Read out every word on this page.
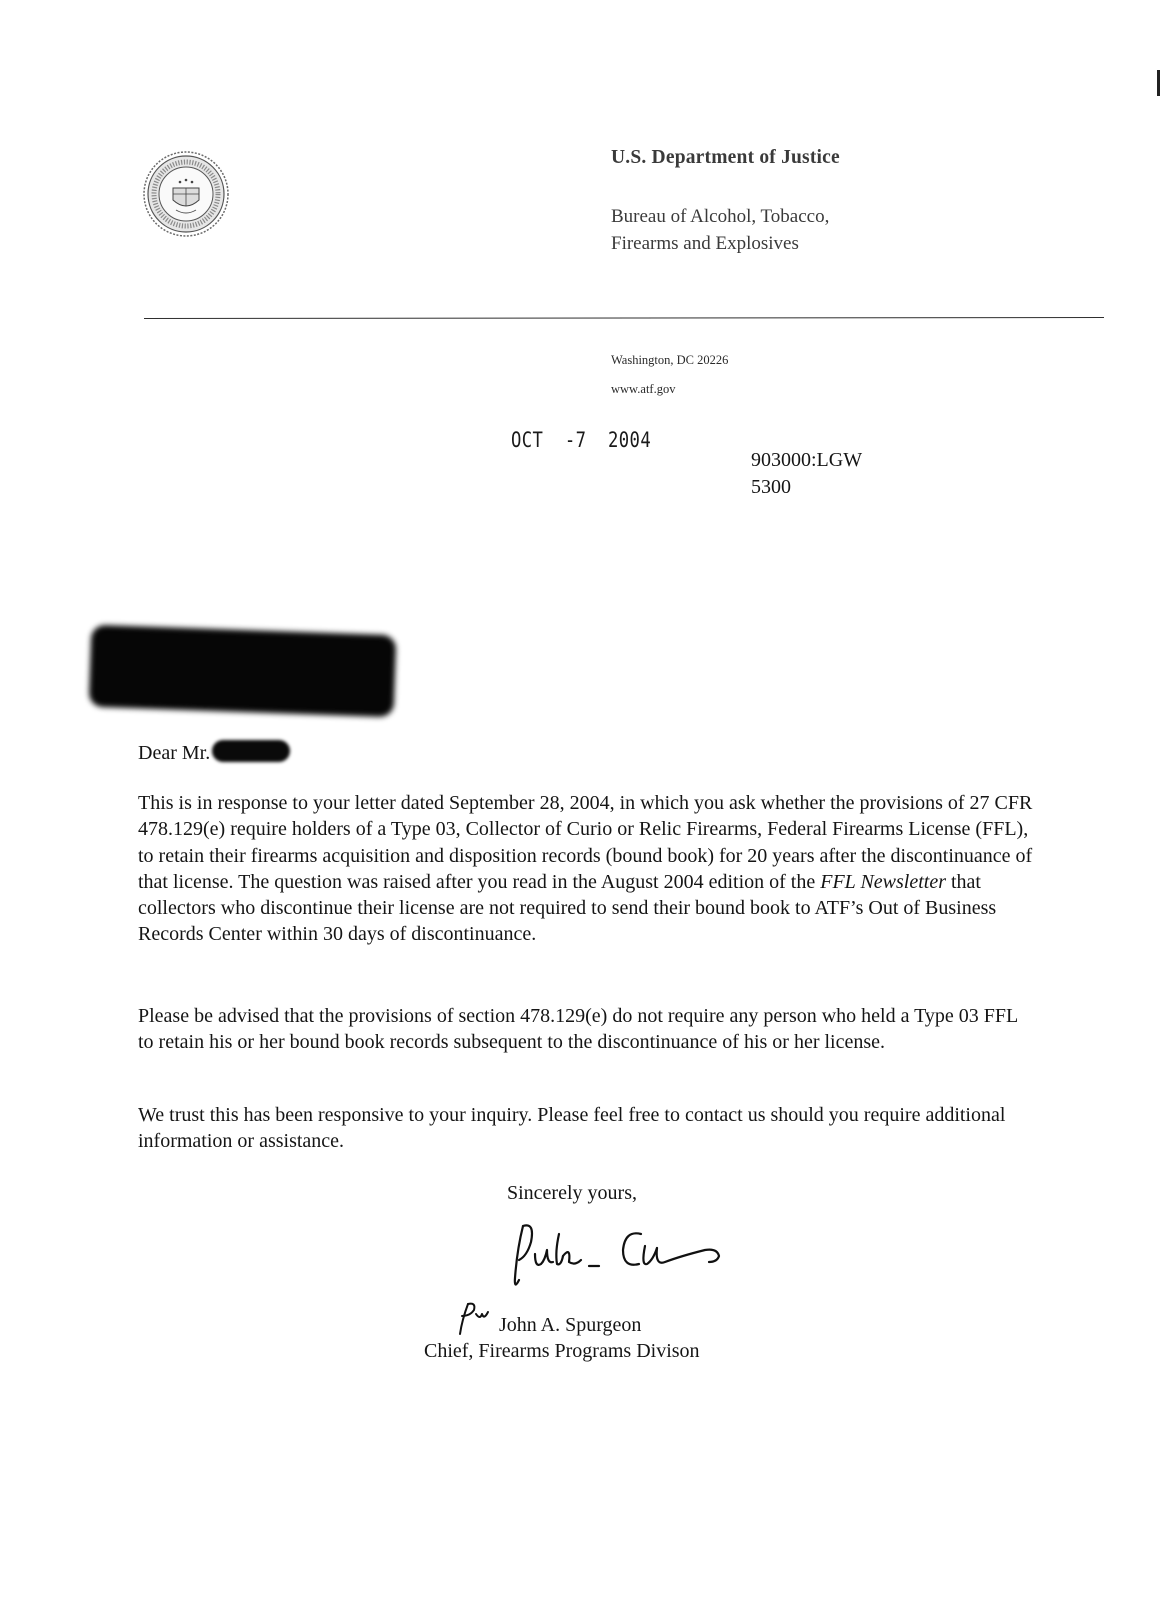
U.S. Department of Justice
Bureau of Alcohol, Tobacco,
Firearms and Explosives
Washington, DC 20226
www.atf.gov
OCT  -7  2004
903000:LGW
5300
Dear Mr.
This is in response to your letter dated September 28, 2004, in which you ask whether the provisions of 27 CFR 478.129(e) require holders of a Type 03, Collector of Curio or Relic Firearms, Federal Firearms License (FFL), to retain their firearms acquisition and disposition records (bound book) for 20 years after the discontinuance of that license. The question was raised after you read in the August 2004 edition of the FFL Newsletter that collectors who discontinue their license are not required to send their bound book to ATF’s Out of Business Records Center within 30 days of discontinuance.
Please be advised that the provisions of section 478.129(e) do not require any person who held a Type 03 FFL to retain his or her bound book records subsequent to the discontinuance of his or her license.
We trust this has been responsive to your inquiry. Please feel free to contact us should you require additional information or assistance.
Sincerely yours,
John A. Spurgeon
Chief, Firearms Programs Divison
